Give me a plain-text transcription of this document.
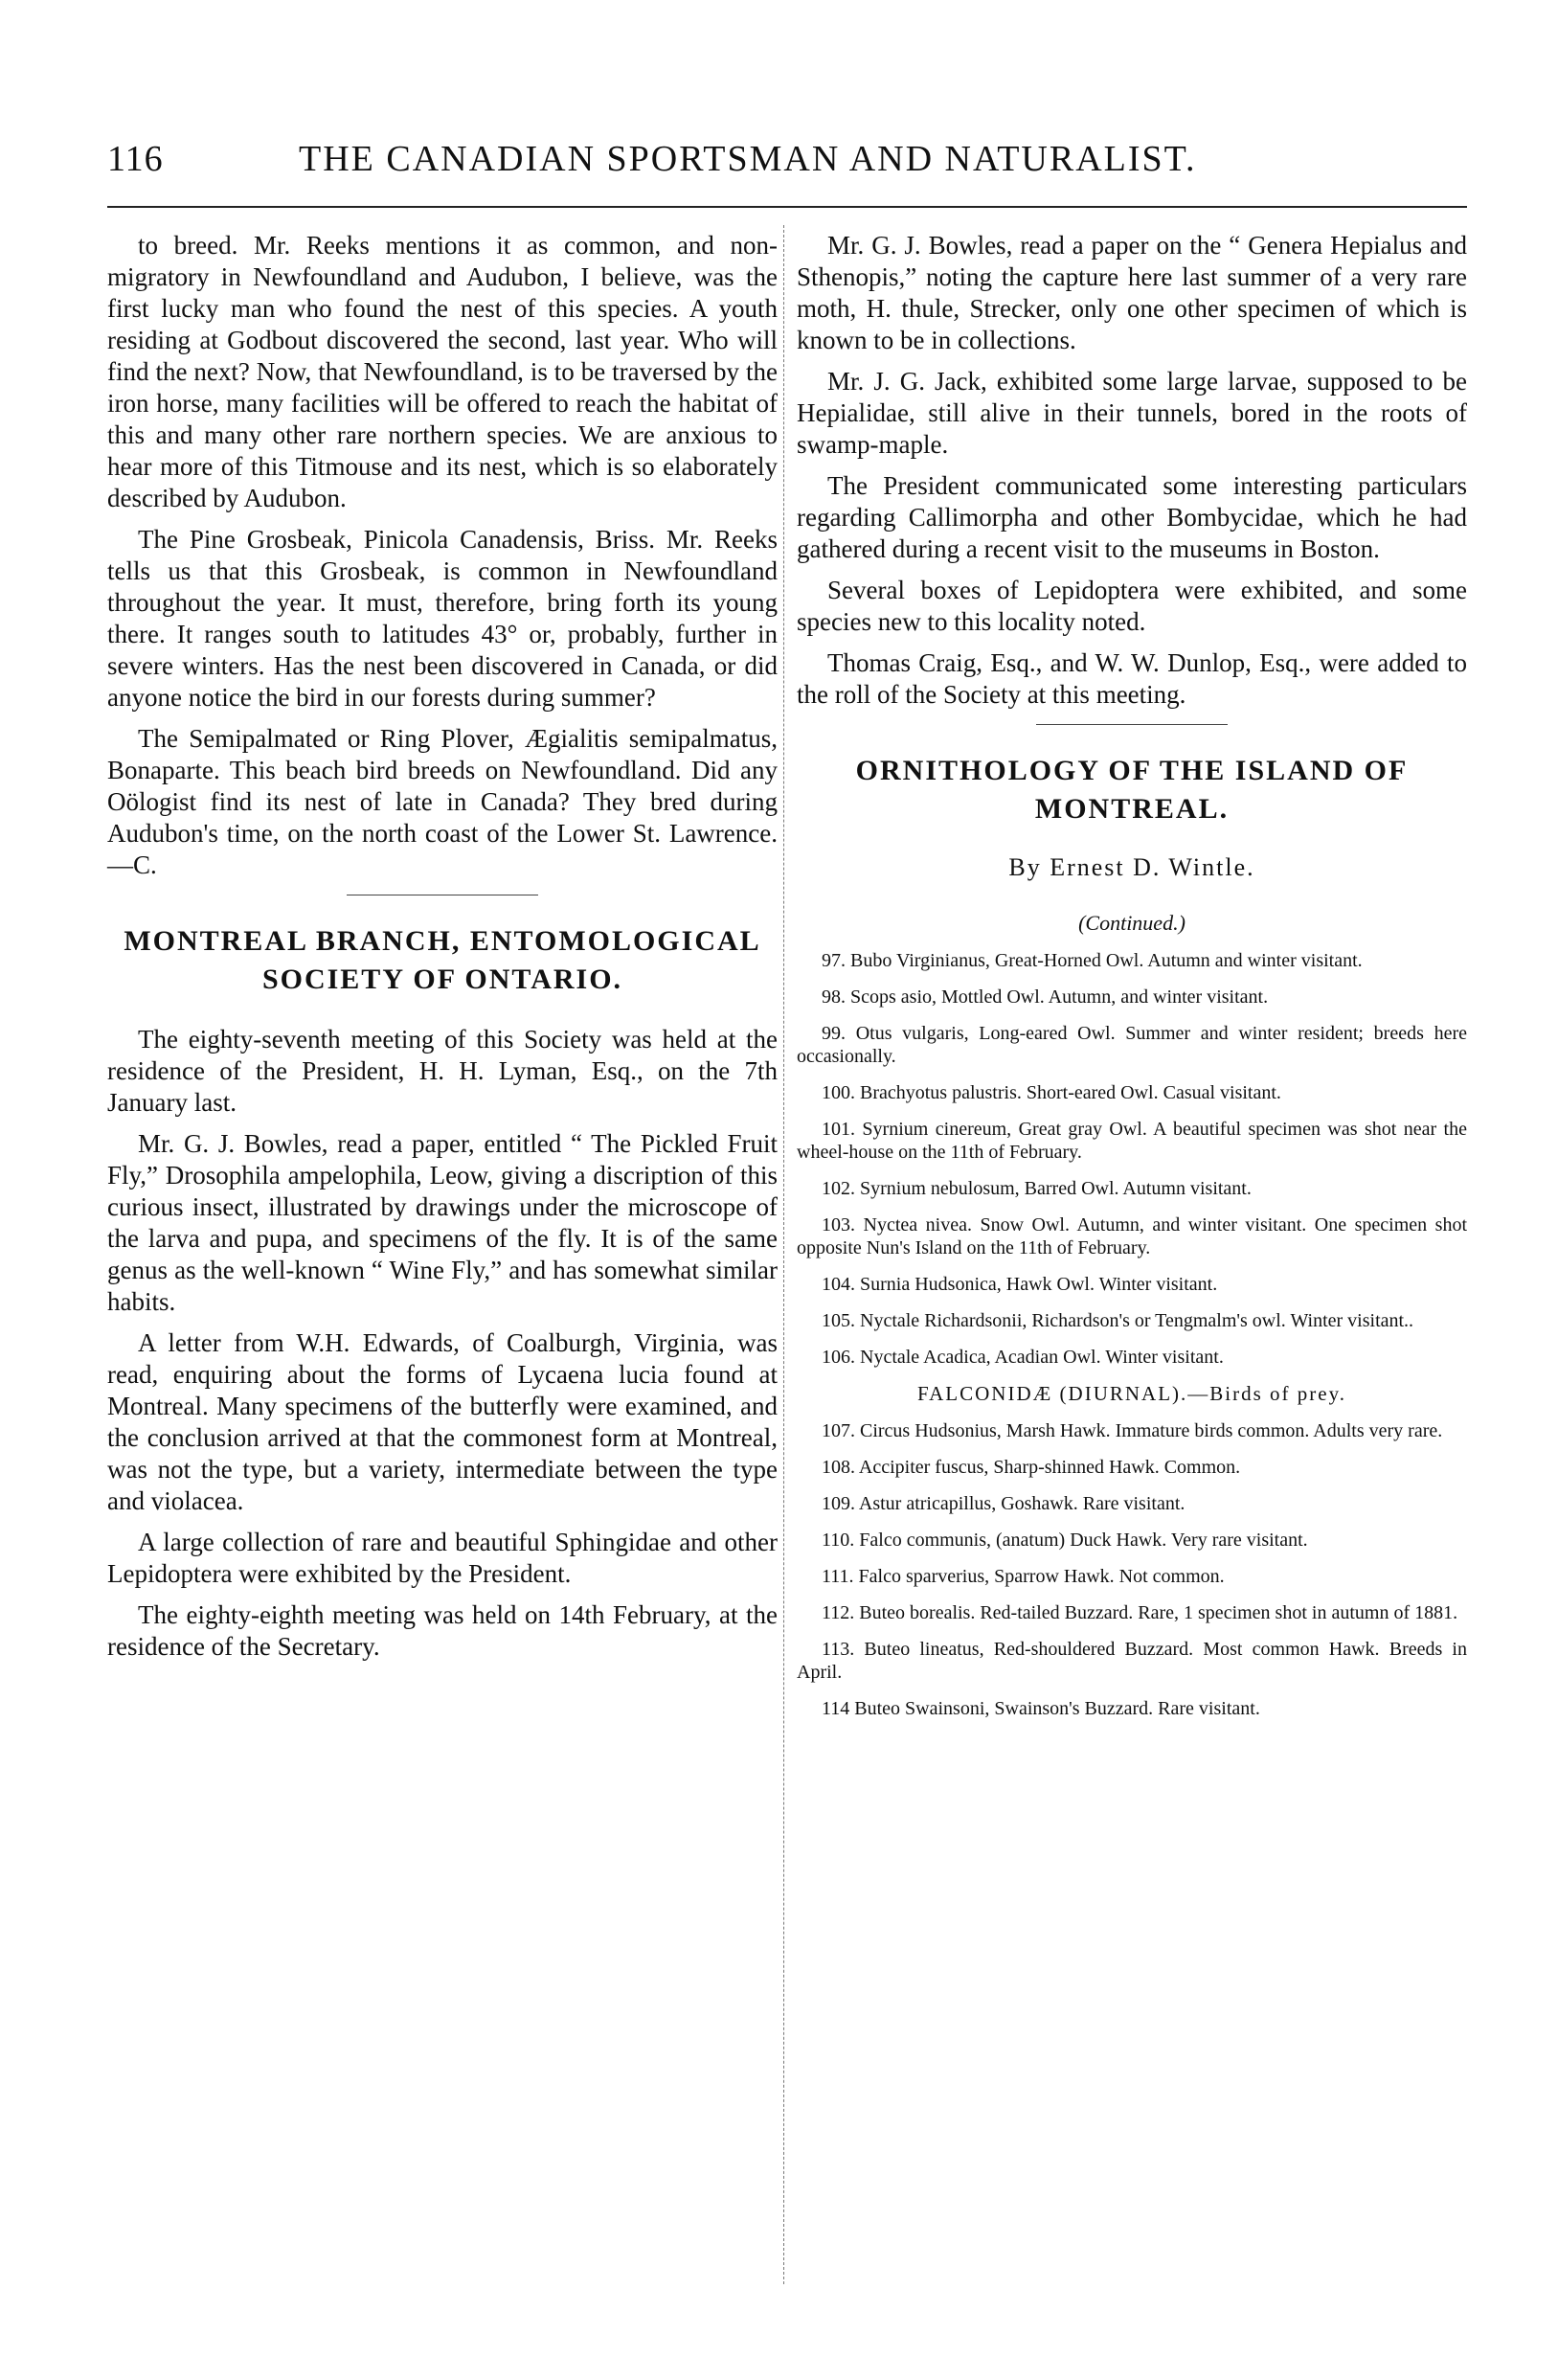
116	THE CANADIAN SPORTSMAN AND NATURALIST.

to breed. Mr. Reeks mentions it as common, and non-migratory in Newfoundland and Audubon, I believe, was the first lucky man who found the nest of this species. A youth residing at Godbout discovered the second, last year. Who will find the next? Now, that Newfoundland, is to be traversed by the iron horse, many facilities will be offered to reach the habitat of this and many other rare northern species. We are anxious to hear more of this Titmouse and its nest, which is so elaborately described by Audubon.

The Pine Grosbeak, Pinicola Canadensis, Briss. Mr. Reeks tells us that this Grosbeak, is common in Newfoundland throughout the year. It must, therefore, bring forth its young there. It ranges south to latitudes 43° or, probably, further in severe winters. Has the nest been discovered in Canada, or did anyone notice the bird in our forests during summer?

The Semipalmated or Ring Plover, Ægialitis semipalmatus, Bonaparte. This beach bird breeds on Newfoundland. Did any Oölogist find its nest of late in Canada? They bred during Audubon's time, on the north coast of the Lower St. Lawrence.—C.

MONTREAL BRANCH, ENTOMOLOGICAL SOCIETY OF ONTARIO.

The eighty-seventh meeting of this Society was held at the residence of the President, H. H. Lyman, Esq., on the 7th January last.

Mr. G. J. Bowles, read a paper, entitled “ The Pickled Fruit Fly,” Drosophila ampelophila, Leow, giving a discription of this curious insect, illustrated by drawings under the microscope of the larva and pupa, and specimens of the fly. It is of the same genus as the well-known “ Wine Fly,” and has somewhat similar habits.

A letter from W.H. Edwards, of Coalburgh, Virginia, was read, enquiring about the forms of Lycaena lucia found at Montreal. Many specimens of the butterfly were examined, and the conclusion arrived at that the commonest form at Montreal, was not the type, but a variety, intermediate between the type and violacea.

A large collection of rare and beautiful Sphingidae and other Lepidoptera were exhibited by the President.

The eighty-eighth meeting was held on 14th February, at the residence of the Secretary.

Mr. G. J. Bowles, read a paper on the “ Genera Hepialus and Sthenopis,” noting the capture here last summer of a very rare moth, H. thule, Strecker, only one other specimen of which is known to be in collections.

Mr. J. G. Jack, exhibited some large larvae, supposed to be Hepialidae, still alive in their tunnels, bored in the roots of swamp-maple.

The President communicated some interesting particulars regarding Callimorpha and other Bombycidae, which he had gathered during a recent visit to the museums in Boston.

Several boxes of Lepidoptera were exhibited, and some species new to this locality noted.

Thomas Craig, Esq., and W. W. Dunlop, Esq., were added to the roll of the Society at this meeting.

ORNITHOLOGY OF THE ISLAND OF
MONTREAL.
By Ernest D. Wintle.
(Continued.)

97. Bubo Virginianus, Great-Horned Owl. Autumn and winter visitant.

98. Scops asio, Mottled Owl. Autumn, and winter visitant.

99. Otus vulgaris, Long-eared Owl. Summer and winter resident; breeds here occasionally.

100. Brachyotus palustris. Short-eared Owl. Casual visitant.

101. Syrnium cinereum, Great gray Owl. A beautiful specimen was shot near the wheel-house on the 11th of February.

102. Syrnium nebulosum, Barred Owl. Autumn visitant.

103. Nyctea nivea. Snow Owl. Autumn, and winter visitant. One specimen shot opposite Nun's Island on the 11th of February.

104. Surnia Hudsonica, Hawk Owl. Winter visitant.

105. Nyctale Richardsonii, Richardson's or Tengmalm's owl. Winter visitant..

106. Nyctale Acadica, Acadian Owl. Winter visitant.

FALCONIDÆ (DIURNAL).—Birds of prey.

107. Circus Hudsonius, Marsh Hawk. Immature birds common. Adults very rare.

108. Accipiter fuscus, Sharp-shinned Hawk. Common.

109. Astur atricapillus, Goshawk. Rare visitant.

110. Falco communis, (anatum) Duck Hawk. Very rare visitant.

111. Falco sparverius, Sparrow Hawk. Not common.

112. Buteo borealis. Red-tailed Buzzard. Rare, 1 specimen shot in autumn of 1881.

113. Buteo lineatus, Red-shouldered Buzzard. Most common Hawk. Breeds in April.

114 Buteo Swainsoni, Swainson's Buzzard. Rare visitant.
